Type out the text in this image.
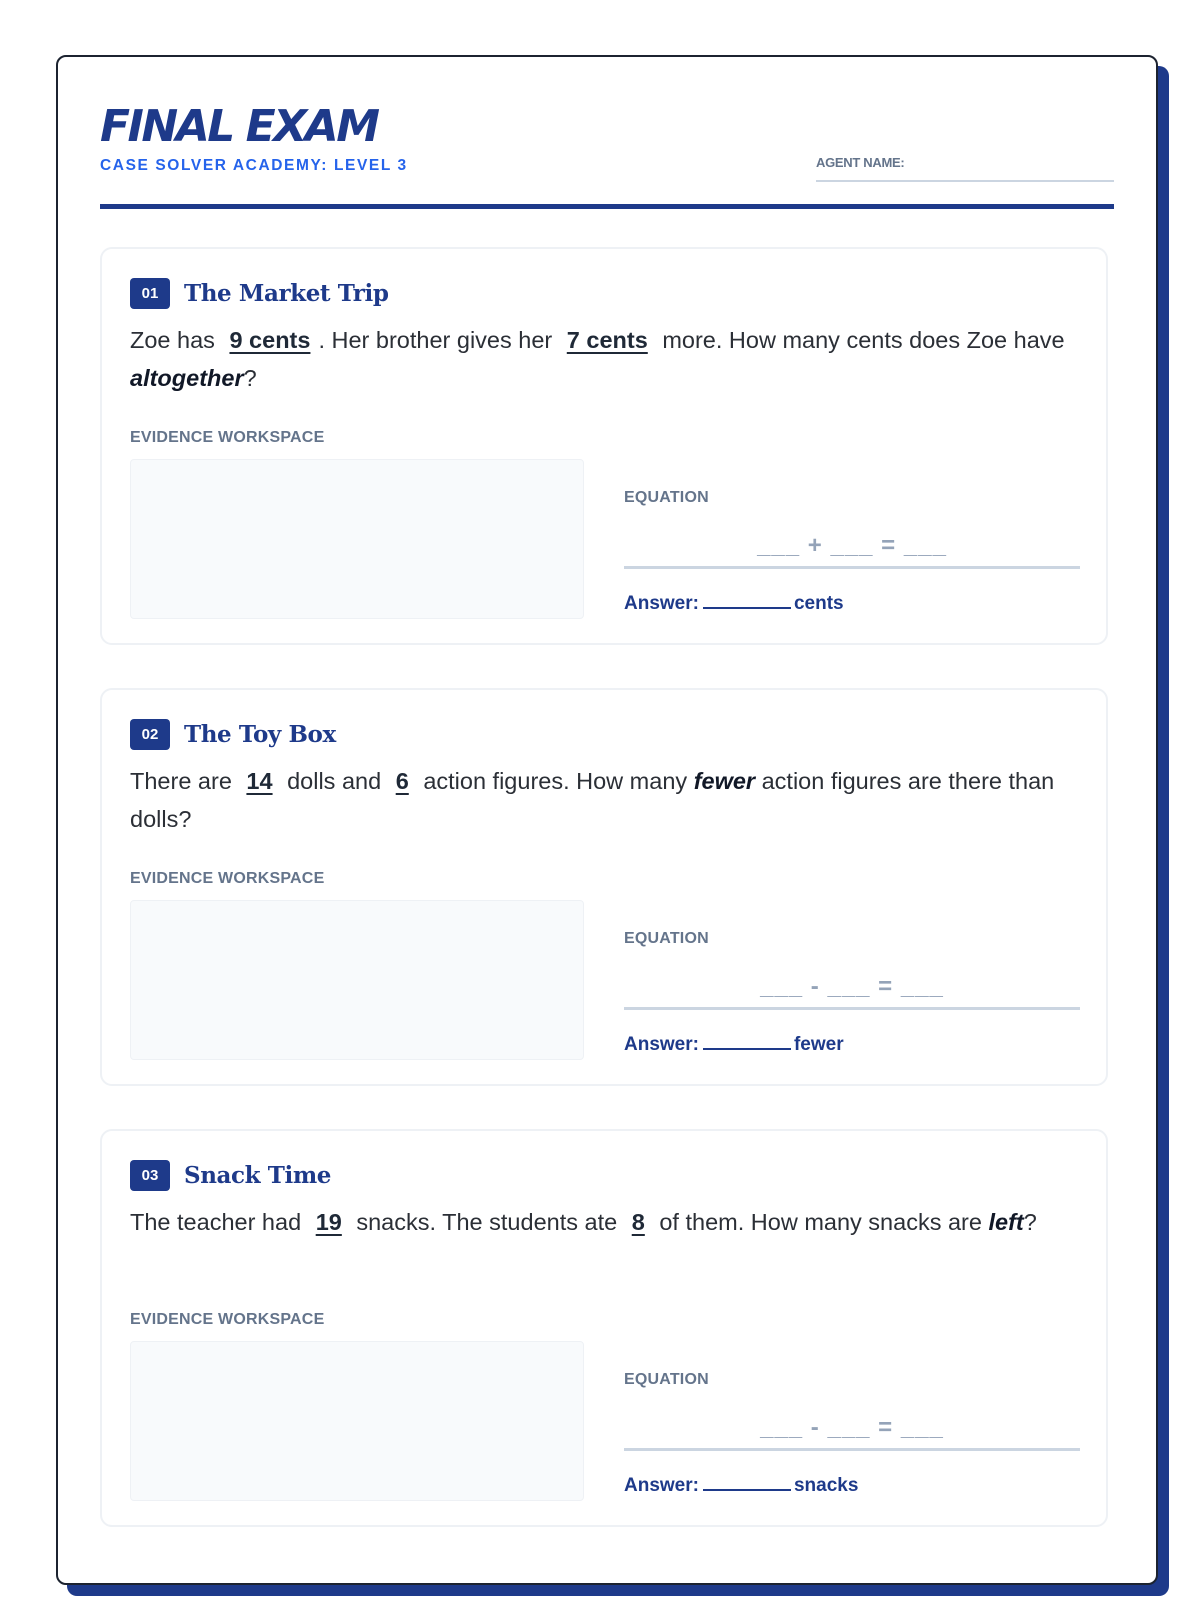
FINAL EXAM
CASE SOLVER ACADEMY: LEVEL 3	AGENT NAME:
01	The Market Trip
Zoe has 9 cents . Her brother gives her 7 cents more. How many cents does Zoe have altogether?
EVIDENCE WORKSPACE
EQUATION
___ + ___ = ___
Answer:	cents
02	The Toy Box
There are 14 dolls and 6 action figures. How many fewer action figures are there than dolls?
EVIDENCE WORKSPACE
EQUATION
___ - ___ = ___
Answer:	fewer
03	Snack Time
The teacher had 19 snacks. The students ate 8 of them. How many snacks are left?
EVIDENCE WORKSPACE
EQUATION
___ - ___ = ___
Answer:	snacks
